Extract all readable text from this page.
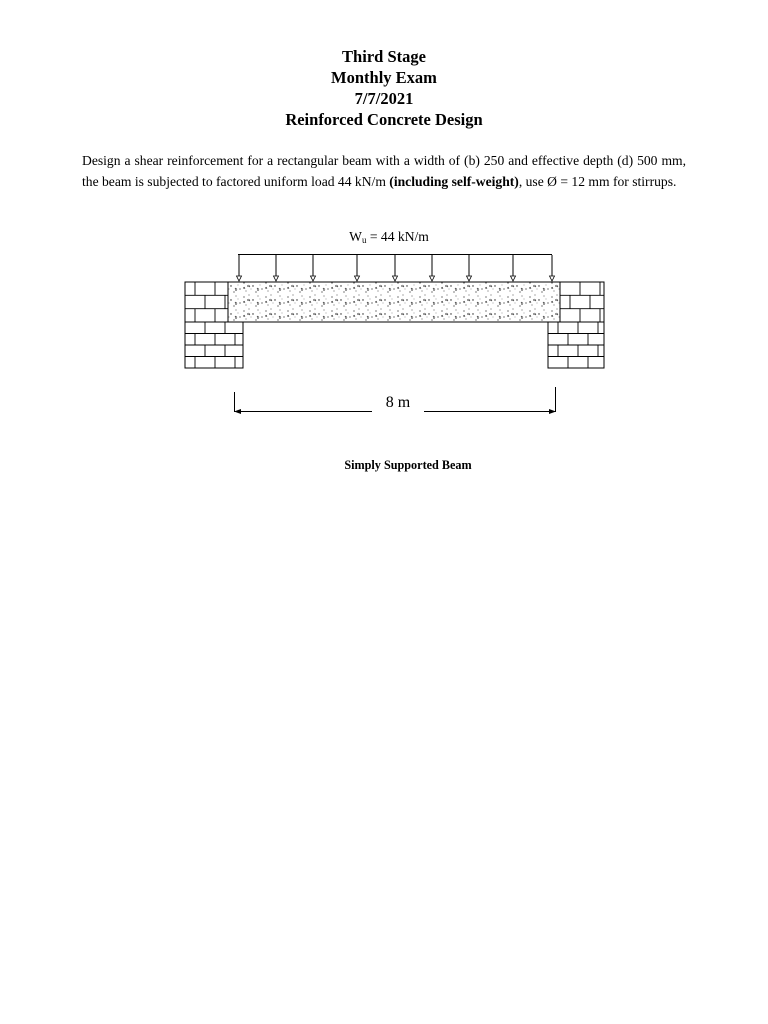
Third Stage
Monthly Exam
7/7/2021
Reinforced Concrete Design
Design a shear reinforcement for a rectangular beam with a width of (b) 250 and effective depth (d) 500 mm, the beam is subjected to factored uniform load 44 kN/m (including self-weight), use Ø = 12 mm for stirrups.
$W_u = 44$ kN/m
8 m
Simply Supported Beam
